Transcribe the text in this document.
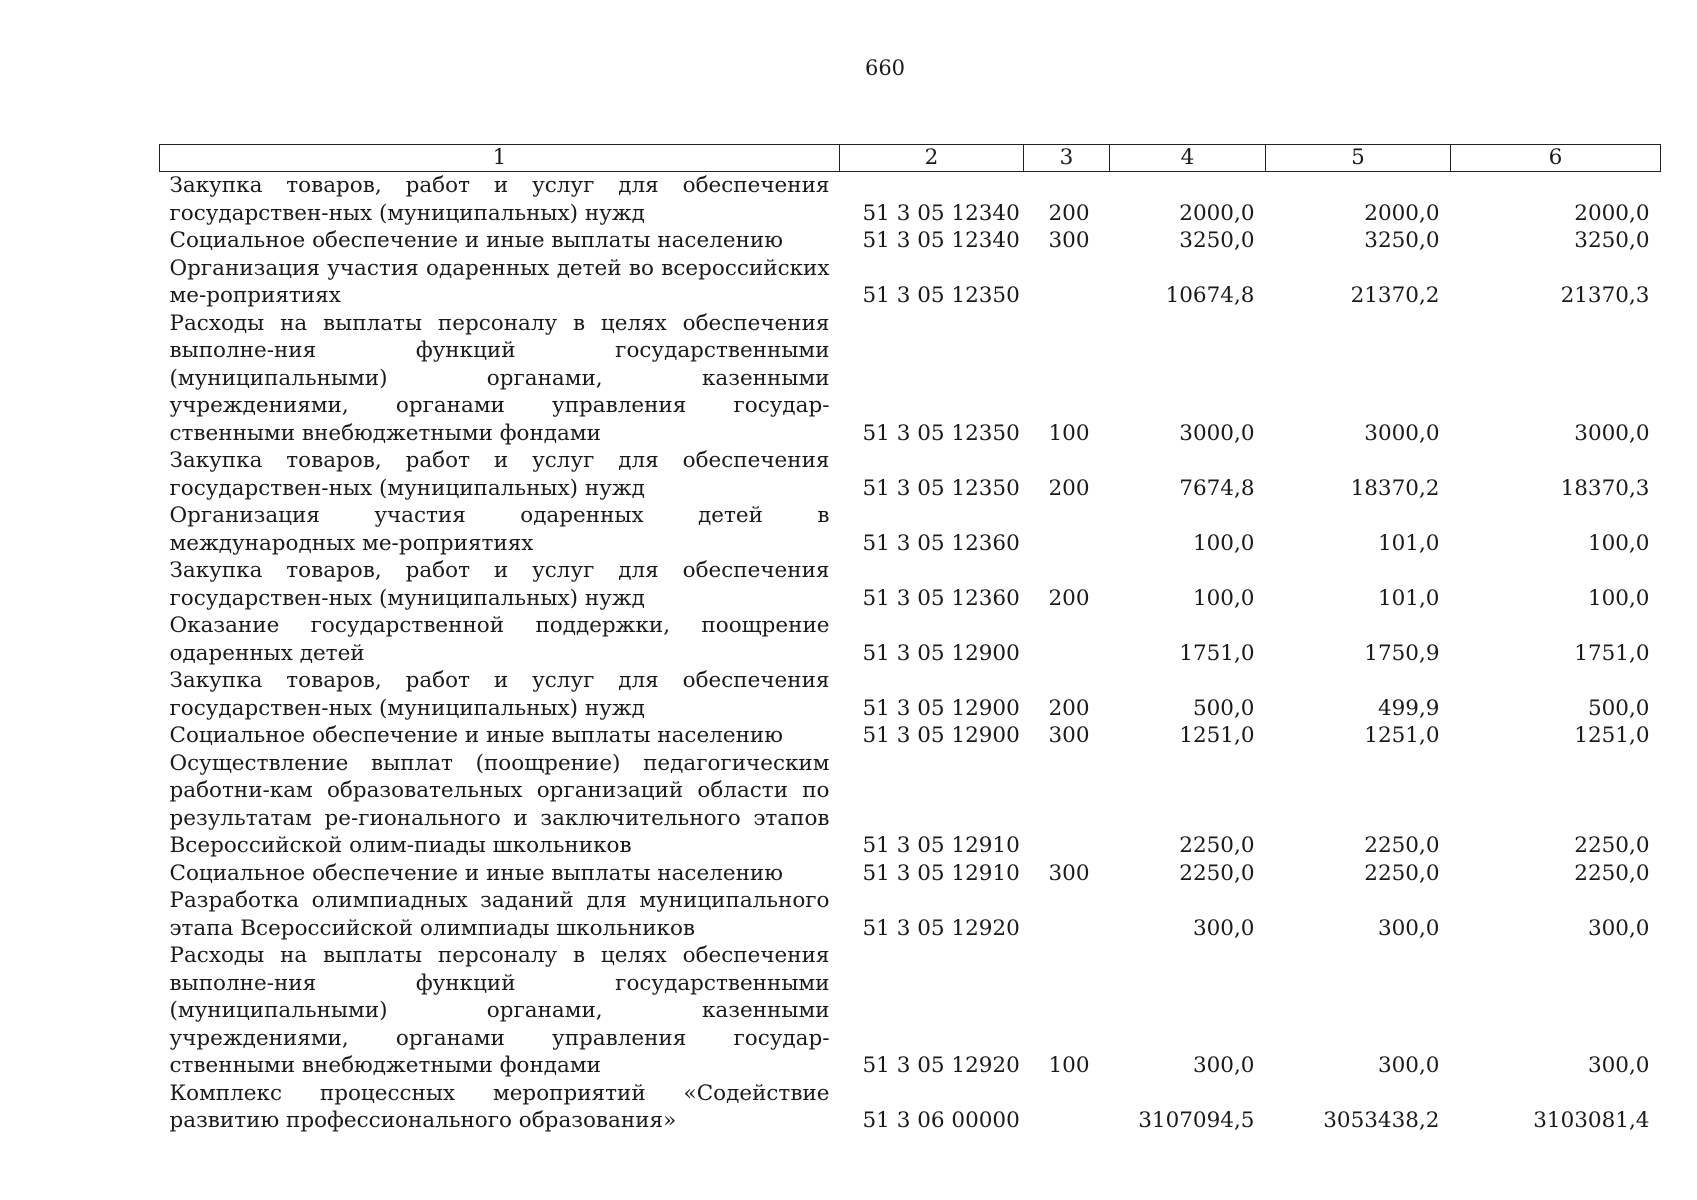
660
1	2	3	4	5	6
Закупка товаров, работ и услуг для обеспечения государствен-ных (муниципальных) нужд	51 3 05 12340	200	2000,0	2000,0	2000,0
Социальное обеспечение и иные выплаты населению	51 3 05 12340	300	3250,0	3250,0	3250,0
Организация участия одаренных детей во всероссийских ме-роприятиях	51 3 05 12350		10674,8	21370,2	21370,3
Расходы на выплаты персоналу в целях обеспечения выполне-ния функций государственными (муниципальными) органами, казенными учреждениями, органами управления государ-ственными внебюджетными фондами	51 3 05 12350	100	3000,0	3000,0	3000,0
Закупка товаров, работ и услуг для обеспечения государствен-ных (муниципальных) нужд	51 3 05 12350	200	7674,8	18370,2	18370,3
Организация участия одаренных детей в международных ме-роприятиях	51 3 05 12360		100,0	101,0	100,0
Закупка товаров, работ и услуг для обеспечения государствен-ных (муниципальных) нужд	51 3 05 12360	200	100,0	101,0	100,0
Оказание государственной поддержки, поощрение одаренных детей	51 3 05 12900		1751,0	1750,9	1751,0
Закупка товаров, работ и услуг для обеспечения государствен-ных (муниципальных) нужд	51 3 05 12900	200	500,0	499,9	500,0
Социальное обеспечение и иные выплаты населению	51 3 05 12900	300	1251,0	1251,0	1251,0
Осуществление выплат (поощрение) педагогическим работни-кам образовательных организаций области по результатам ре-гионального и заключительного этапов Всероссийской олим-пиады школьников	51 3 05 12910		2250,0	2250,0	2250,0
Социальное обеспечение и иные выплаты населению	51 3 05 12910	300	2250,0	2250,0	2250,0
Разработка олимпиадных заданий для муниципального этапа Всероссийской олимпиады школьников	51 3 05 12920		300,0	300,0	300,0
Расходы на выплаты персоналу в целях обеспечения выполне-ния функций государственными (муниципальными) органами, казенными учреждениями, органами управления государ-ственными внебюджетными фондами	51 3 05 12920	100	300,0	300,0	300,0
Комплекс процессных мероприятий «Содействие развитию профессионального образования»	51 3 06 00000		3107094,5	3053438,2	3103081,4
